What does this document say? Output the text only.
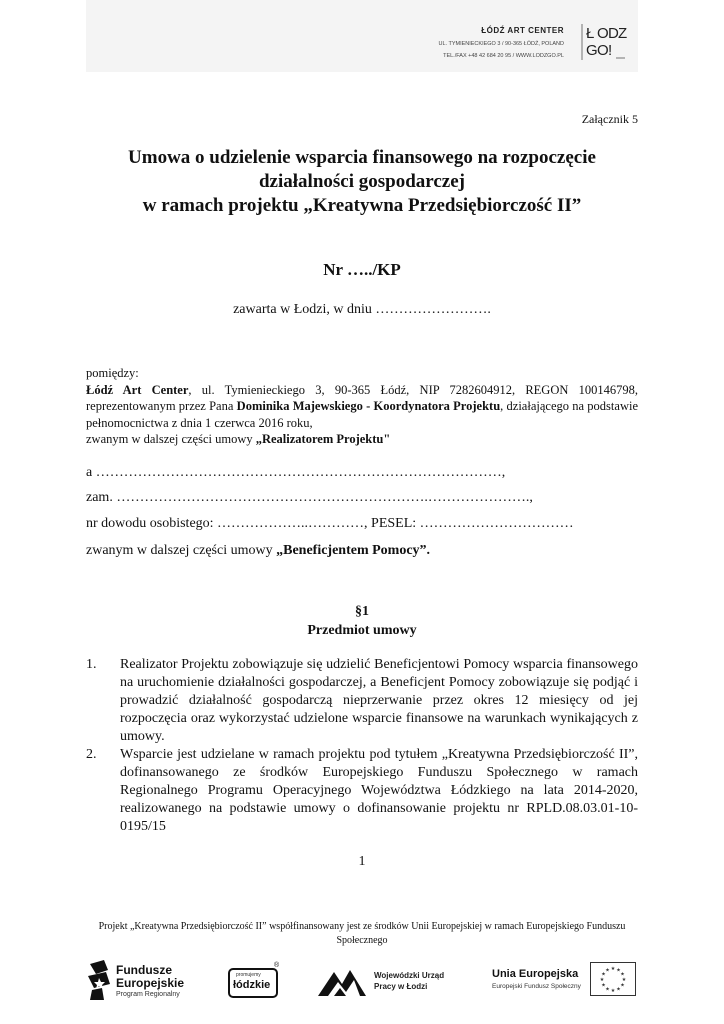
ŁÓDŹ ART CENTER
UL. TYMIENIECKIEGO 3 / 90-365 ŁÓDŹ, POLAND
TEL./FAX +48 42 684 20 95 / WWW.LODZGO.PL
Ł O D Z
G O !
Załącznik 5
Umowa o udzielenie wsparcia finansowego na rozpoczęcie
działalności gospodarczej
w ramach projektu „Kreatywna Przedsiębiorczość II”
Nr …../KP
zawarta w Łodzi, w dniu …………………….

pomiędzy:

Łódź Art Center, ul. Tymienieckiego 3, 90-365 Łódź, NIP 7282604912, REGON 100146798, reprezentowanym przez Pana Dominika Majewskiego - Koordynatora Projektu, działającego na podstawie pełnomocnictwa z dnia 1 czerwca 2016 roku,

zwanym w dalszej części umowy „Realizatorem Projektu"

a ……………………………………………………………………………,
zam. ………………………………………………………….………………….,
nr dowodu osobistego: ………………..…………, PESEL: ……………………………
zwanym w dalszej części umowy „Beneficjentem Pomocy”.
§1
Przedmiot umowy
1. Realizator Projektu zobowiązuje się udzielić Beneficjentowi Pomocy wsparcia finansowego na uruchomienie działalności gospodarczej, a Beneficjent Pomocy zobowiązuje się podjąć i prowadzić działalność gospodarczą nieprzerwanie przez okres 12 miesięcy od jej rozpoczęcia oraz wykorzystać udzielone wsparcie finansowe na warunkach wynikających z umowy.
2. Wsparcie jest udzielane w ramach projektu pod tytułem „Kreatywna Przedsiębiorczość II”, dofinansowanego ze środków Europejskiego Funduszu Społecznego w ramach Regionalnego Programu Operacyjnego Województwa Łódzkiego na lata 2014-2020, realizowanego na podstawie umowy o dofinansowanie projektu nr RPLD.08.03.01-10-0195/15
1
Projekt „Kreatywna Przedsiębiorczość II” współfinansowany jest ze środków Unii Europejskiej w ramach Europejskiego Funduszu Społecznego
Fundusze
Europejskie
Program Regionalny
promujemy
łódzkie
®
Wojewódzki Urząd
Pracy w Łodzi
Unia Europejska
Europejski Fundusz Społeczny
★
★
★
★
★
★
★
★
★ ★ ★
★
